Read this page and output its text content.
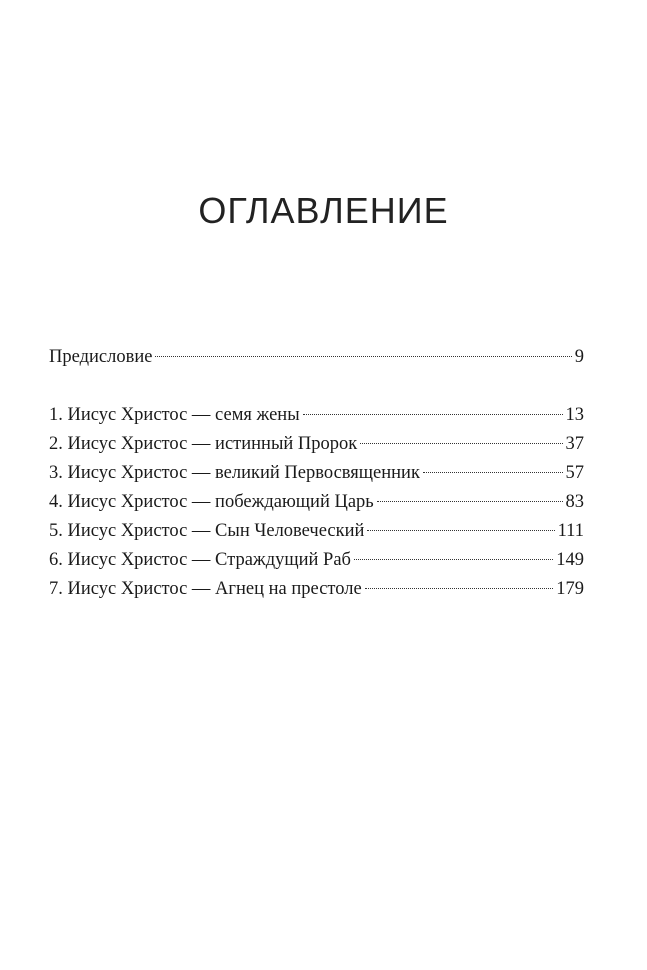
ОГЛАВЛЕНИЕ
Предисловие	9
1. Иисус Христос — семя жены	13
2. Иисус Христос — истинный Пророк	37
3. Иисус Христос — великий Первосвященник	57
4. Иисус Христос — побеждающий Царь	83
5. Иисус Христос — Сын Человеческий	111
6. Иисус Христос — Страждущий Раб	149
7. Иисус Христос — Агнец на престоле	179
